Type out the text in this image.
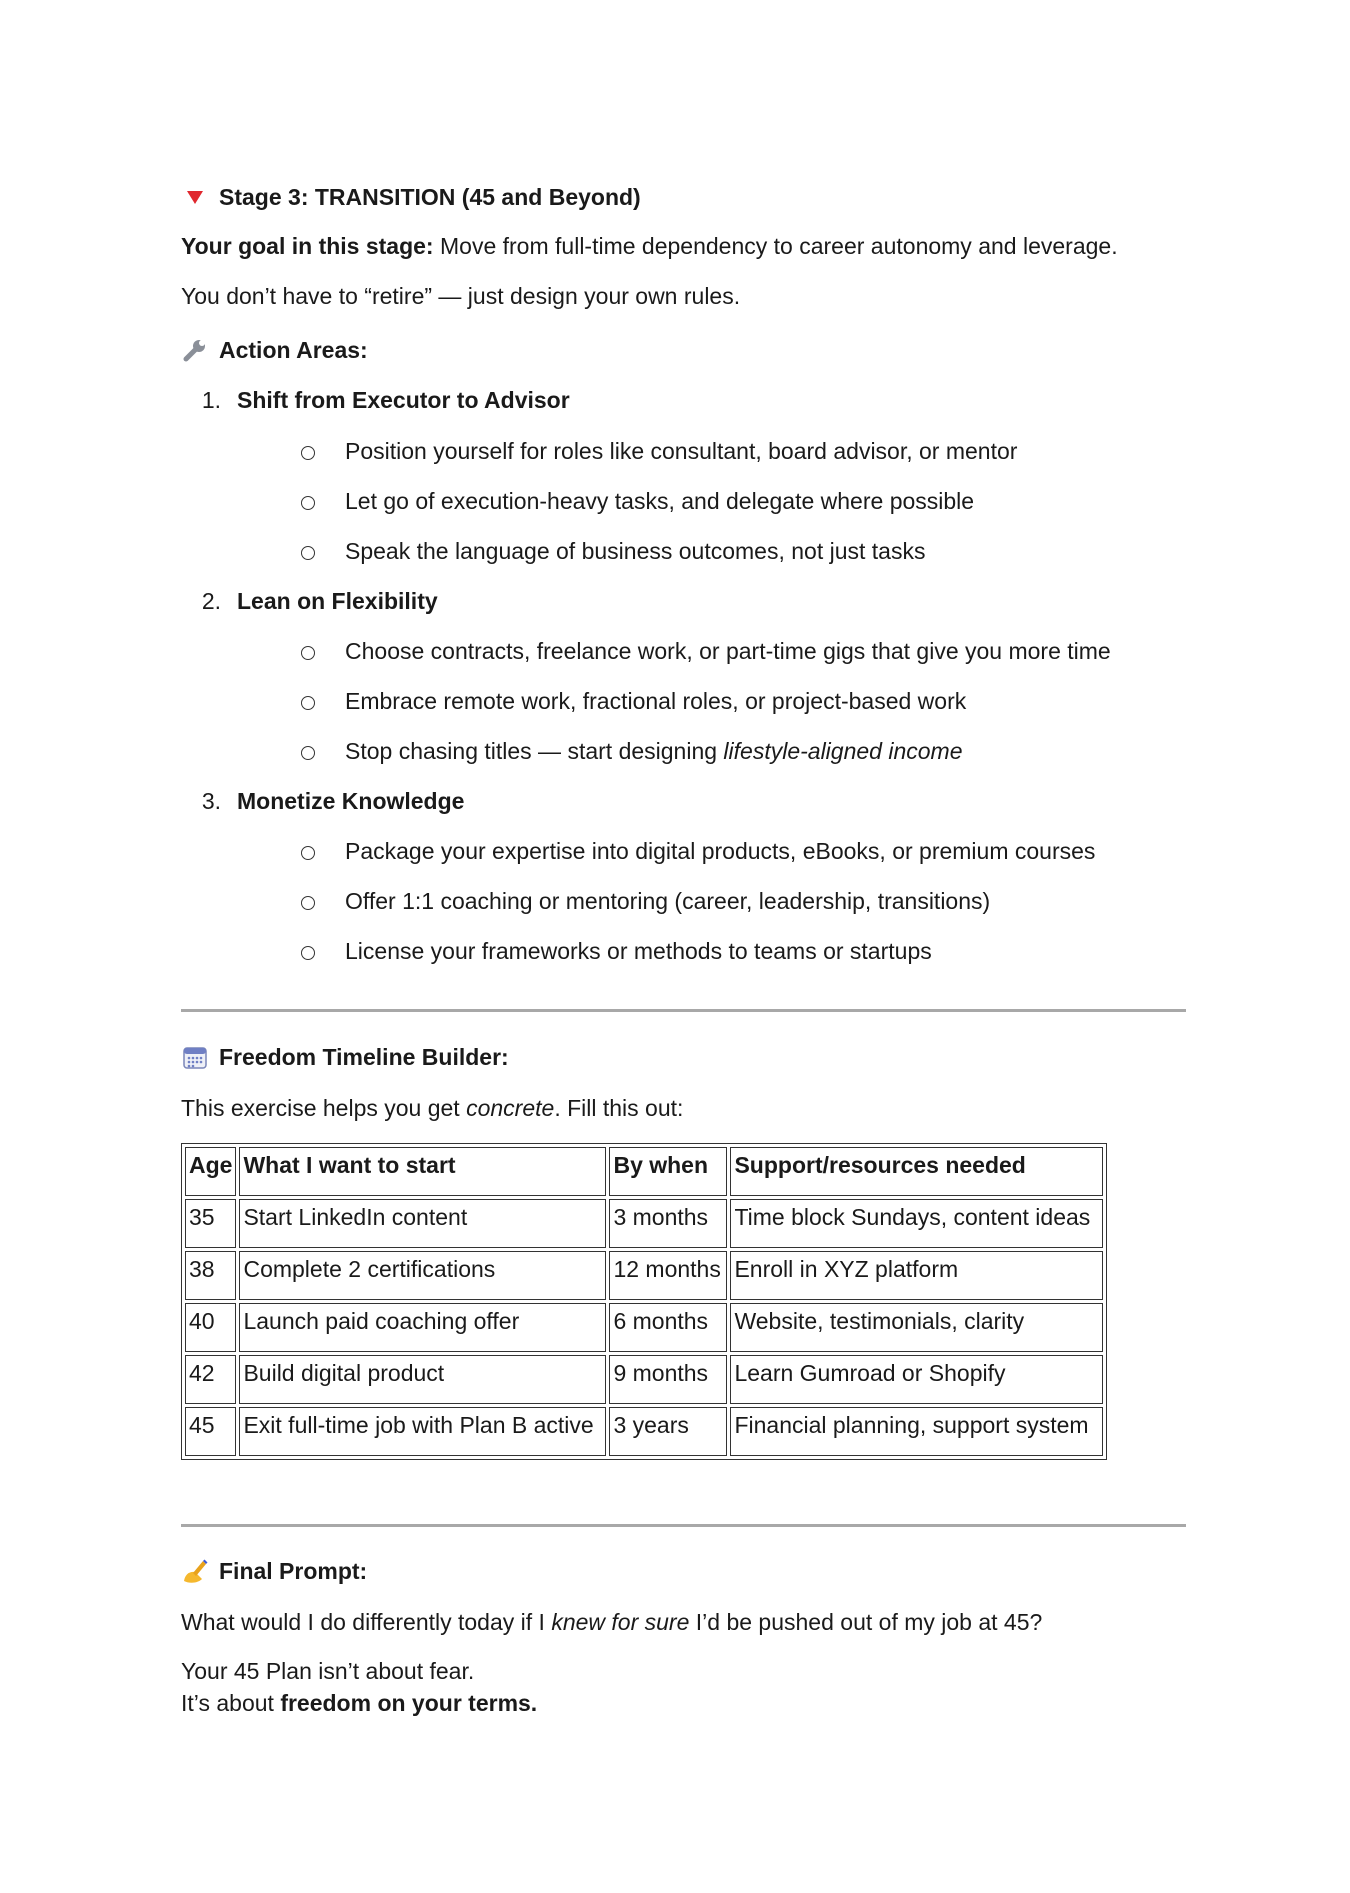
Stage 3: TRANSITION (45 and Beyond)
Your goal in this stage: Move from full-time dependency to career autonomy and leverage.
You don’t have to “retire” — just design your own rules.
Action Areas:
1. Shift from Executor to Advisor
Position yourself for roles like consultant, board advisor, or mentor
Let go of execution-heavy tasks, and delegate where possible
Speak the language of business outcomes, not just tasks
2. Lean on Flexibility
Choose contracts, freelance work, or part-time gigs that give you more time
Embrace remote work, fractional roles, or project-based work
Stop chasing titles — start designing lifestyle-aligned income
3. Monetize Knowledge
Package your expertise into digital products, eBooks, or premium courses
Offer 1:1 coaching or mentoring (career, leadership, transitions)
License your frameworks or methods to teams or startups
Freedom Timeline Builder:
This exercise helps you get concrete. Fill this out:
Age	What I want to start	By when	Support/resources needed
35	Start LinkedIn content	3 months	Time block Sundays, content ideas
38	Complete 2 certifications	12 months	Enroll in XYZ platform
40	Launch paid coaching offer	6 months	Website, testimonials, clarity
42	Build digital product	9 months	Learn Gumroad or Shopify
45	Exit full-time job with Plan B active	3 years	Financial planning, support system
Final Prompt:
What would I do differently today if I knew for sure I’d be pushed out of my job at 45?
Your 45 Plan isn’t about fear.
It’s about freedom on your terms.
